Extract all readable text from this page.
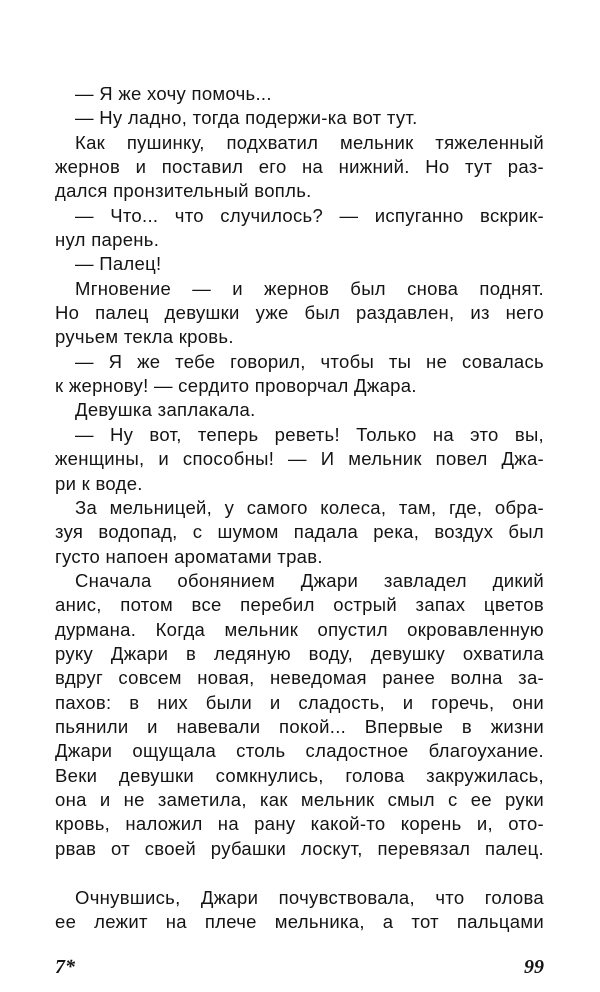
— Я же хочу помочь...
— Ну ладно, тогда подержи-ка вот тут.
Как пушинку, подхватил мельник тяжеленный
жернов и поставил его на нижний. Но тут раз-
дался пронзительный вопль.
— Что... что случилось? — испуганно вскрик-
нул парень.
— Палец!
Мгновение — и жернов был снова поднят.
Но палец девушки уже был раздавлен, из него
ручьем текла кровь.
— Я же тебе говорил, чтобы ты не совалась
к жернову! — сердито проворчал Джара.
Девушка заплакала.
— Ну вот, теперь реветь! Только на это вы,
женщины, и способны! — И мельник повел Джа-
ри к воде.
За мельницей, у самого колеса, там, где, обра-
зуя водопад, с шумом падала река, воздух был
густо напоен ароматами трав.
Сначала обонянием Джари завладел дикий
анис, потом все перебил острый запах цветов
дурмана. Когда мельник опустил окровавленную
руку Джари в ледяную воду, девушку охватила
вдруг совсем новая, неведомая ранее волна за-
пахов: в них были и сладость, и горечь, они
пьянили и навевали покой... Впервые в жизни
Джари ощущала столь сладостное благоухание.
Веки девушки сомкнулись, голова закружилась,
она и не заметила, как мельник смыл с ее руки
кровь, наложил на рану какой-то корень и, ото-
рвав от своей рубашки лоскут, перевязал палец.
Очнувшись, Джари почувствовала, что голова
ее лежит на плече мельника, а тот пальцами
7*	99
